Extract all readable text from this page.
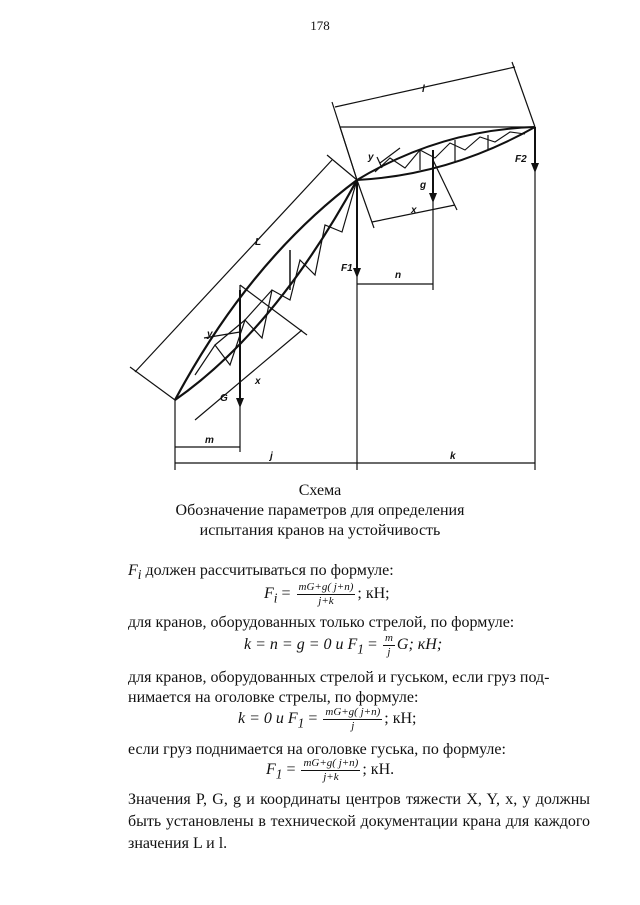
178
l
L
y
g
x
F2
F1
n
y
x
G
m
j	k
Схема
Обозначение параметров для определения
испытания кранов на устойчивость
$F_i$ должен рассчитываться по формуле:
$F_i = \frac{mG+g( j+n)}{j+k}$ ; кН;
для кранов, оборудованных только стрелой, по формуле:
k = n = g = 0 и $F_1 = \frac{m}{j} G$; кН;
для кранов, оборудованных стрелой и гуськом, если груз под-
нимается на оголовке стрелы, по формуле:
k = 0 и $F_1 = \frac{mG+g( j+n)}{j}$ ; кН;
если груз поднимается на оголовке гуська, по формуле:
$F_1 = \frac{mG+g( j+n)}{j+k}$ ; кН.
Значения P, G, g и координаты центров тяжести X, Y, x, y должны быть установлены в технической документации крана для каждого значения L и l.
